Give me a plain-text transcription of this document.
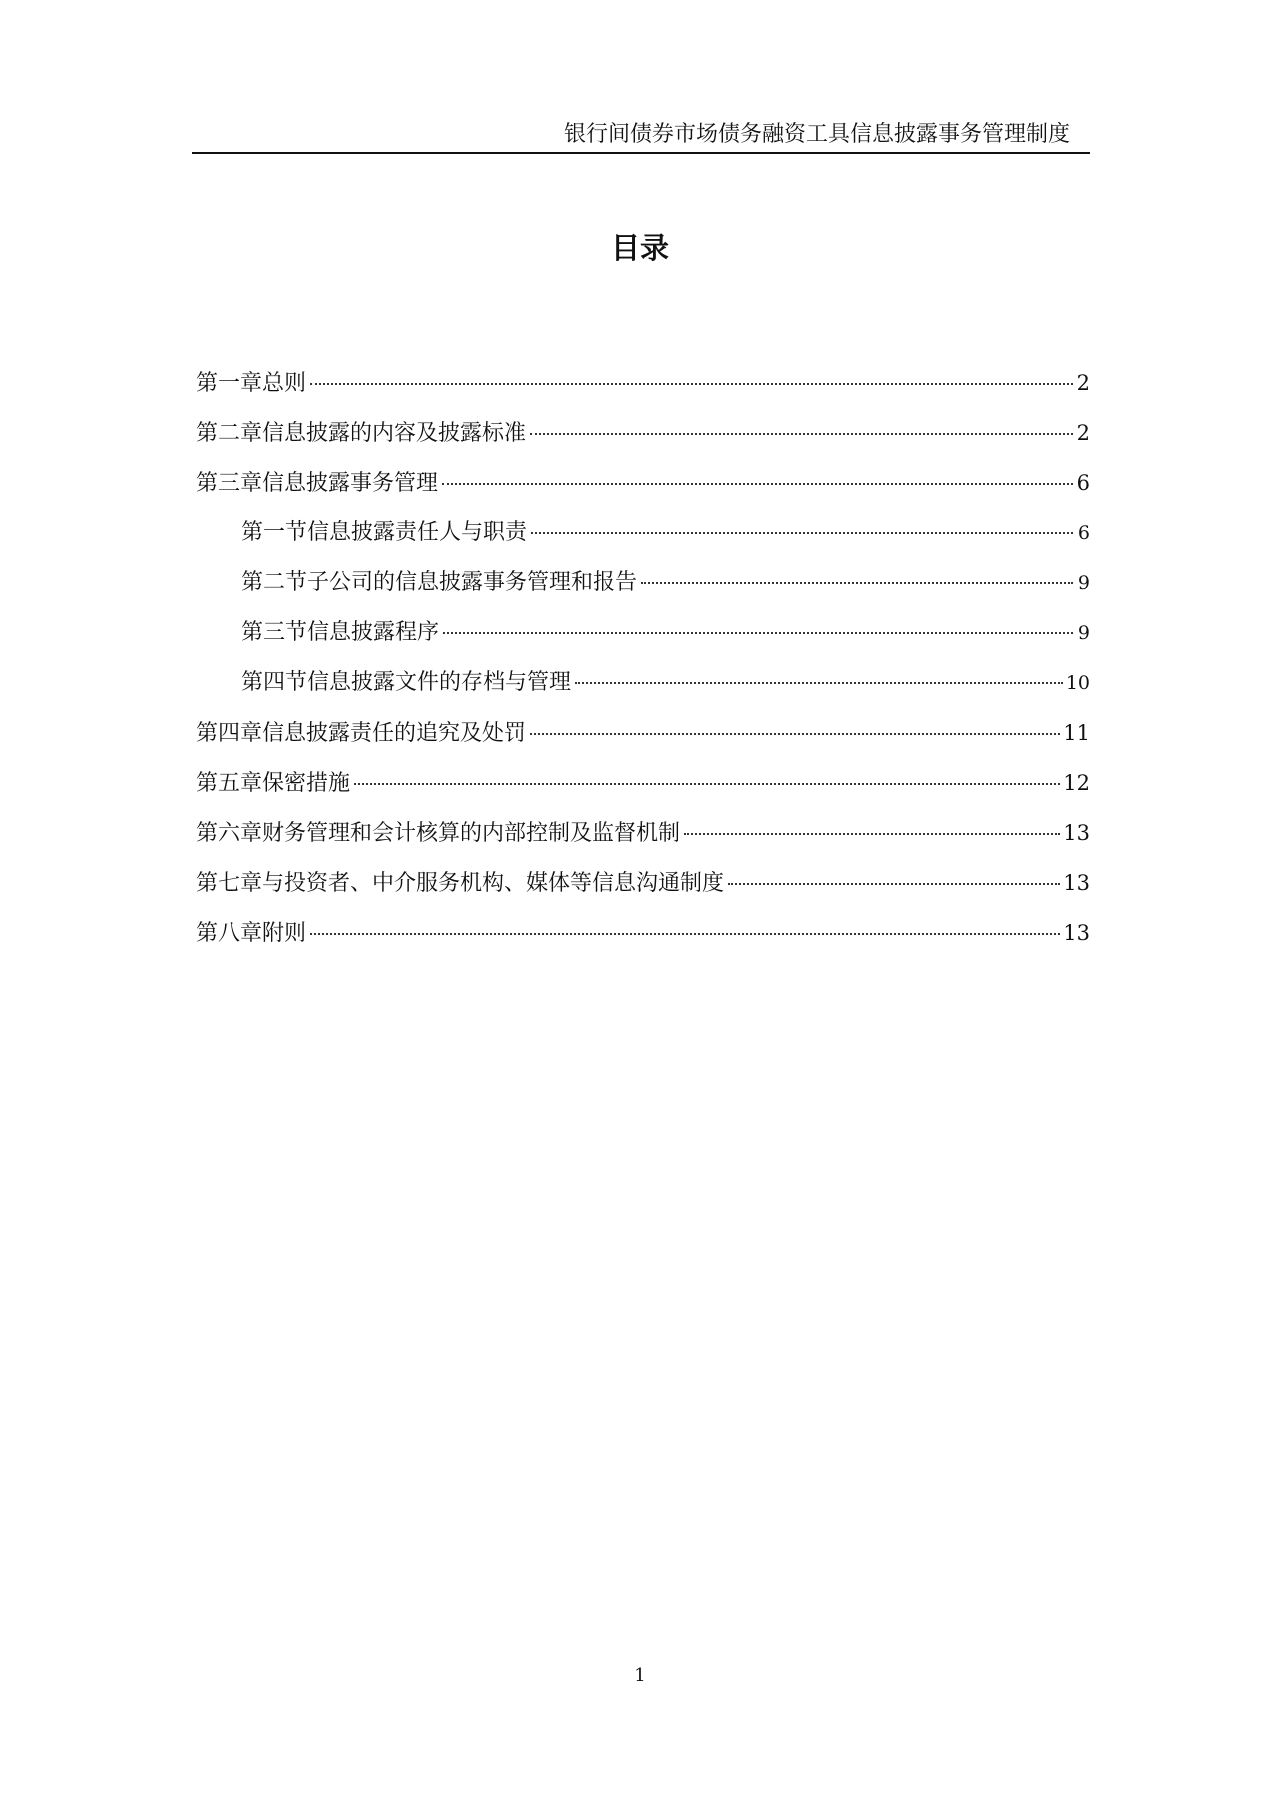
银行间债券市场债务融资工具信息披露事务管理制度
目录
第一章总则	2
第二章信息披露的内容及披露标准	2
第三章信息披露事务管理	6
第一节信息披露责任人与职责	6
第二节子公司的信息披露事务管理和报告	9
第三节信息披露程序	9
第四节信息披露文件的存档与管理	10
第四章信息披露责任的追究及处罚	11
第五章保密措施	12
第六章财务管理和会计核算的内部控制及监督机制	13
第七章与投资者、中介服务机构、媒体等信息沟通制度	13
第八章附则	13
1
